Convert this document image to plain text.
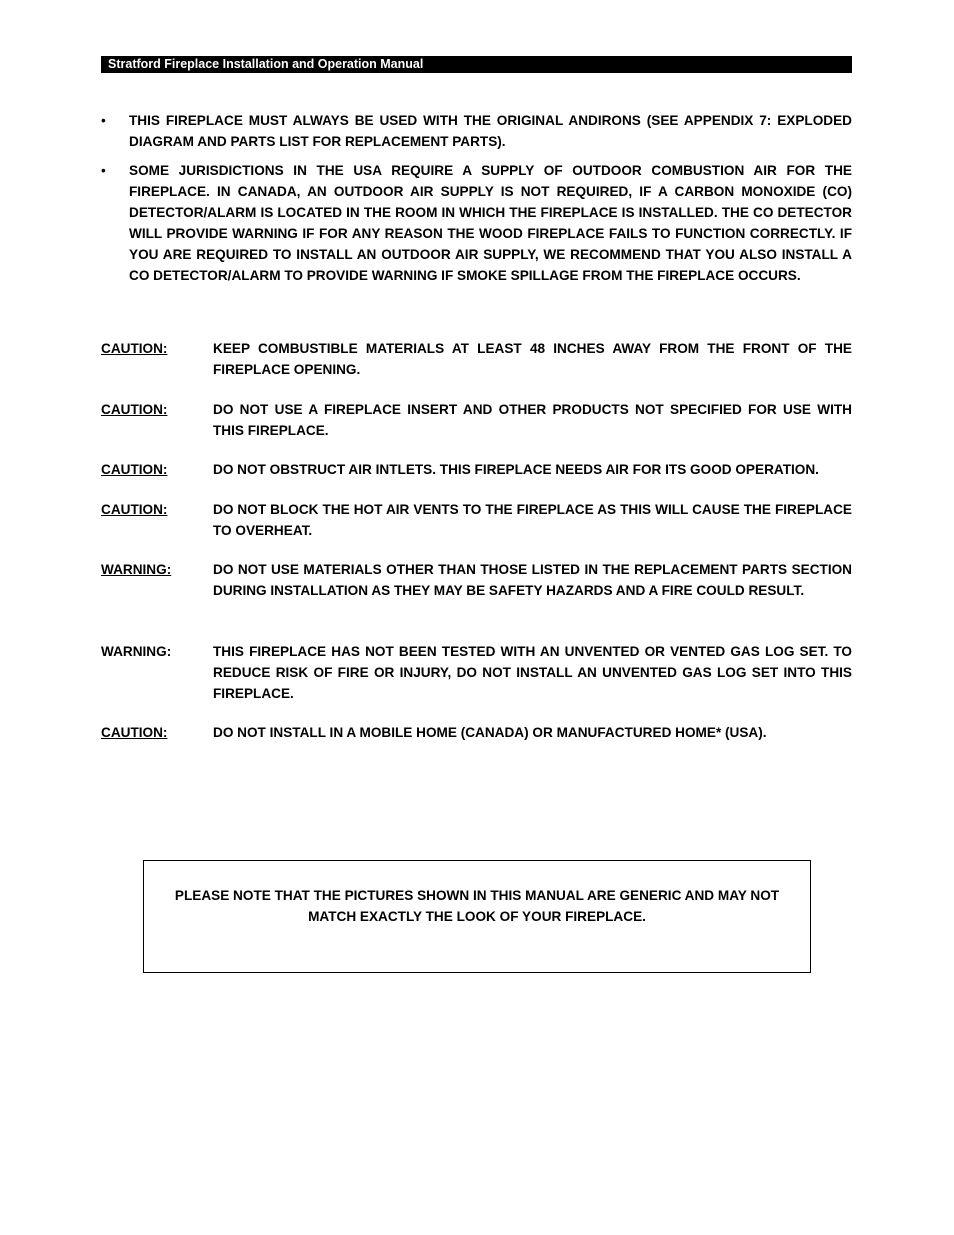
Stratford Fireplace Installation and Operation Manual
• THIS FIREPLACE MUST ALWAYS BE USED WITH THE ORIGINAL ANDIRONS (SEE APPENDIX 7: EXPLODED DIAGRAM AND PARTS LIST FOR REPLACEMENT PARTS).
• SOME JURISDICTIONS IN THE USA REQUIRE A SUPPLY OF OUTDOOR COMBUSTION AIR FOR THE FIREPLACE. IN CANADA, AN OUTDOOR AIR SUPPLY IS NOT REQUIRED, IF A CARBON MONOXIDE (CO) DETECTOR/ALARM IS LOCATED IN THE ROOM IN WHICH THE FIREPLACE IS INSTALLED. THE CO DETECTOR WILL PROVIDE WARNING IF FOR ANY REASON THE WOOD FIREPLACE FAILS TO FUNCTION CORRECTLY. IF YOU ARE REQUIRED TO INSTALL AN OUTDOOR AIR SUPPLY, WE RECOMMEND THAT YOU ALSO INSTALL A CO DETECTOR/ALARM TO PROVIDE WARNING IF SMOKE SPILLAGE FROM THE FIREPLACE OCCURS.
CAUTION:	KEEP COMBUSTIBLE MATERIALS AT LEAST 48 INCHES AWAY FROM THE FRONT OF THE FIREPLACE OPENING.
CAUTION:	DO NOT USE A FIREPLACE INSERT AND OTHER PRODUCTS NOT SPECIFIED FOR USE WITH THIS FIREPLACE.
CAUTION:	DO NOT OBSTRUCT AIR INTLETS. THIS FIREPLACE NEEDS AIR FOR ITS GOOD OPERATION.
CAUTION:	DO NOT BLOCK THE HOT AIR VENTS TO THE FIREPLACE AS THIS WILL CAUSE THE FIREPLACE TO OVERHEAT.
WARNING:	DO NOT USE MATERIALS OTHER THAN THOSE LISTED IN THE REPLACEMENT PARTS SECTION DURING INSTALLATION AS THEY MAY BE SAFETY HAZARDS AND A FIRE COULD RESULT.
WARNING:	THIS FIREPLACE HAS NOT BEEN TESTED WITH AN UNVENTED OR VENTED GAS LOG SET. TO REDUCE RISK OF FIRE OR INJURY, DO NOT INSTALL AN UNVENTED GAS LOG SET INTO THIS FIREPLACE.
CAUTION:	DO NOT INSTALL IN A MOBILE HOME (CANADA) OR MANUFACTURED HOME* (USA).
PLEASE NOTE THAT THE PICTURES SHOWN IN THIS MANUAL ARE GENERIC AND MAY NOT MATCH EXACTLY THE LOOK OF YOUR FIREPLACE.
